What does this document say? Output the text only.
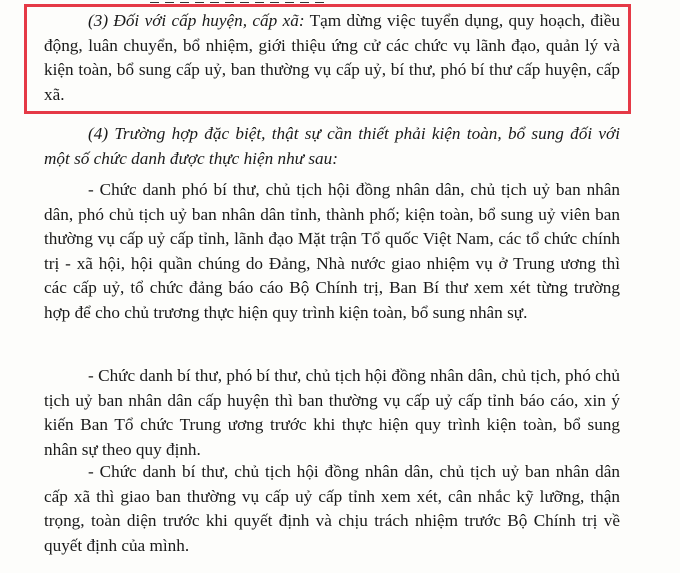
(3) Đối với cấp huyện, cấp xã: Tạm dừng việc tuyển dụng, quy hoạch, điều động, luân chuyển, bổ nhiệm, giới thiệu ứng cử các chức vụ lãnh đạo, quản lý và kiện toàn, bổ sung cấp uỷ, ban thường vụ cấp uỷ, bí thư, phó bí thư cấp huyện, cấp xã.

(4) Trường hợp đặc biệt, thật sự cần thiết phải kiện toàn, bổ sung đối với một số chức danh được thực hiện như sau:

- Chức danh phó bí thư, chủ tịch hội đồng nhân dân, chủ tịch uỷ ban nhân dân, phó chủ tịch uỷ ban nhân dân tỉnh, thành phố; kiện toàn, bổ sung uỷ viên ban thường vụ cấp uỷ cấp tỉnh, lãnh đạo Mặt trận Tổ quốc Việt Nam, các tổ chức chính trị - xã hội, hội quần chúng do Đảng, Nhà nước giao nhiệm vụ ở Trung ương thì các cấp uỷ, tổ chức đảng báo cáo Bộ Chính trị, Ban Bí thư xem xét từng trường hợp để cho chủ trương thực hiện quy trình kiện toàn, bổ sung nhân sự.

- Chức danh bí thư, phó bí thư, chủ tịch hội đồng nhân dân, chủ tịch, phó chủ tịch uỷ ban nhân dân cấp huyện thì ban thường vụ cấp uỷ cấp tỉnh báo cáo, xin ý kiến Ban Tổ chức Trung ương trước khi thực hiện quy trình kiện toàn, bổ sung nhân sự theo quy định.

- Chức danh bí thư, chủ tịch hội đồng nhân dân, chủ tịch uỷ ban nhân dân cấp xã thì giao ban thường vụ cấp uỷ cấp tỉnh xem xét, cân nhắc kỹ lưỡng, thận trọng, toàn diện trước khi quyết định và chịu trách nhiệm trước Bộ Chính trị về quyết định của mình.
